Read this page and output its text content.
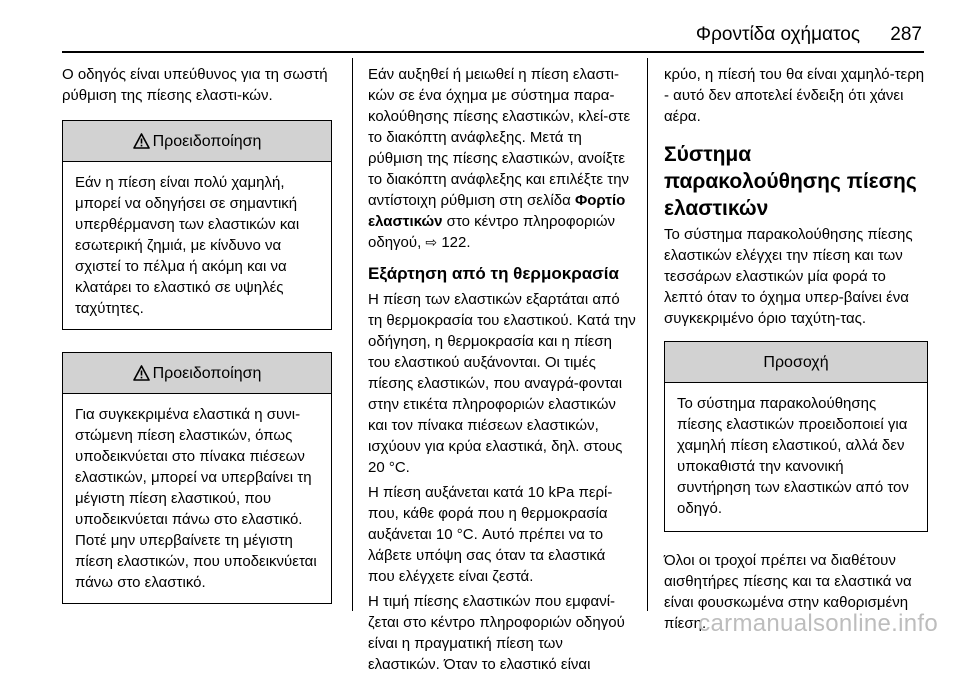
Φροντίδα οχήματος 287

Ο οδηγός είναι υπεύθυνος για τη σωστή ρύθμιση της πίεσης ελαστι-κών.

Προειδοποίηση
Εάν η πίεση είναι πολύ χαμηλή, μπορεί να οδηγήσει σε σημαντική υπερθέρμανση των ελαστικών και εσωτερική ζημιά, με κίνδυνο να σχιστεί το πέλμα ή ακόμη και να κλατάρει το ελαστικό σε υψηλές ταχύτητες.
Προειδοποίηση
Για συγκεκριμένα ελαστικά η συνι-στώμενη πίεση ελαστικών, όπως υποδεικνύεται στο πίνακα πιέσεων ελαστικών, μπορεί να υπερβαίνει τη μέγιστη πίεση ελαστικού, που υποδεικνύεται πάνω στο ελαστικό. Ποτέ μην υπερβαίνετε τη μέγιστη πίεση ελαστικών, που υποδεικνύεται πάνω στο ελαστικό.

Εάν αυξηθεί ή μειωθεί η πίεση ελαστι-κών σε ένα όχημα με σύστημα παρα-κολούθησης πίεσης ελαστικών, κλεί-στε το διακόπτη ανάφλεξης. Μετά τη ρύθμιση της πίεσης ελαστικών, ανοίξτε το διακόπτη ανάφλεξης και επιλέξτε την αντίστοιχη ρύθμιση στη σελίδα Φορτίο ελαστικών στο κέντρο πληροφοριών οδηγού, ⇨ 122.

Εξάρτηση από τη θερμοκρασία

Η πίεση των ελαστικών εξαρτάται από τη θερμοκρασία του ελαστικού. Κατά την οδήγηση, η θερμοκρασία και η πίεση του ελαστικού αυξάνονται. Οι τιμές πίεσης ελαστικών, που αναγρά-φονται στην ετικέτα πληροφοριών ελαστικών και τον πίνακα πιέσεων ελαστικών, ισχύουν για κρύα ελαστικά, δηλ. στους 20 °C.

Η πίεση αυξάνεται κατά 10 kPa περί-που, κάθε φορά που η θερμοκρασία αυξάνεται 10 °C. Αυτό πρέπει να το λάβετε υπόψη σας όταν τα ελαστικά που ελέγχετε είναι ζεστά.

Η τιμή πίεσης ελαστικών που εμφανί-ζεται στο κέντρο πληροφοριών οδηγού είναι η πραγματική πίεση των ελαστικών. Όταν το ελαστικό είναι

κρύο, η πίεσή του θα είναι χαμηλό-τερη - αυτό δεν αποτελεί ένδειξη ότι χάνει αέρα.

Σύστημα παρακολούθησης πίεσης ελαστικών

Το σύστημα παρακολούθησης πίεσης ελαστικών ελέγχει την πίεση και των τεσσάρων ελαστικών μία φορά το λεπτό όταν το όχημα υπερ-βαίνει ένα συγκεκριμένο όριο ταχύτη-τας.

Προσοχή
Το σύστημα παρακολούθησης πίεσης ελαστικών προειδοποιεί για χαμηλή πίεση ελαστικού, αλλά δεν υποκαθιστά την κανονική συντήρηση των ελαστικών από τον οδηγό.

Όλοι οι τροχοί πρέπει να διαθέτουν αισθητήρες πίεσης και τα ελαστικά να είναι φουσκωμένα στην καθορισμένη πίεση.

carmanualsonline.info
